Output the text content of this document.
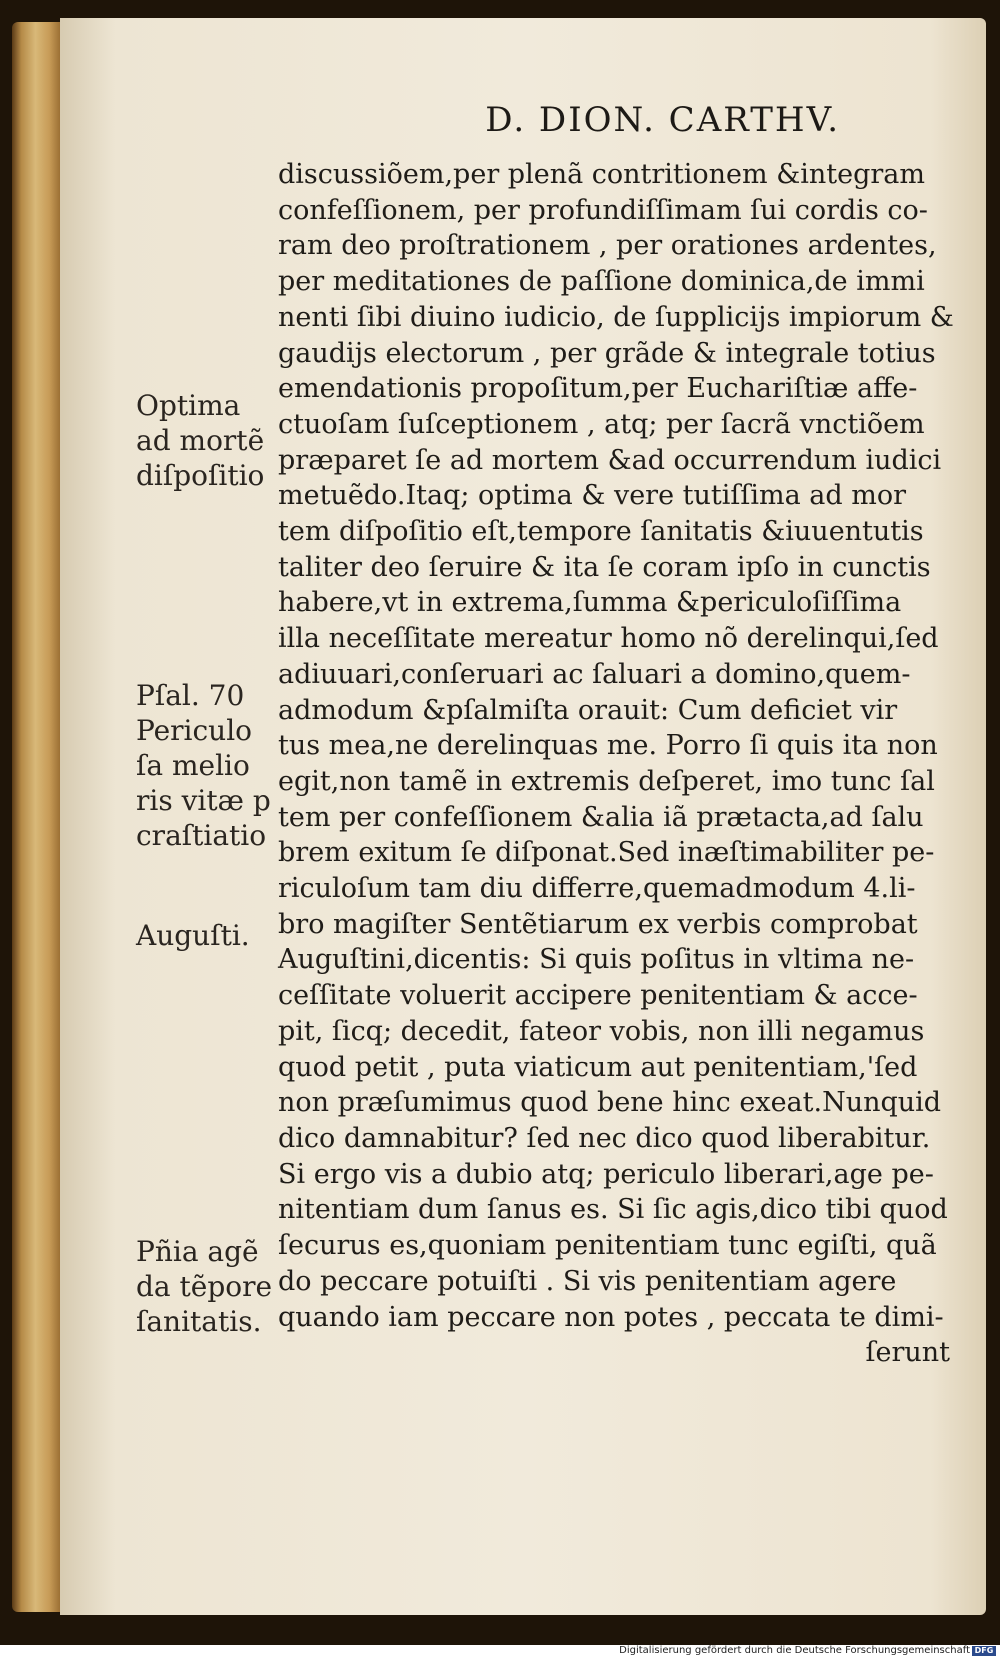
D. DION. CARTHV.
discussiõem,per plenã contritionem &integram
confeſſionem, per profundiſſimam ſui cordis co-
ram deo proſtrationem , per orationes ardentes,
per meditationes de paſſione dominica,de immi
nenti ſibi diuino iudicio, de ſupplicijs impiorum &
gaudijs electorum , per grãde & integrale totius
emendationis propoſitum,per Euchariſtiæ affe-
ctuoſam ſuſceptionem , atq; per ſacrã vnctiõem
præparet ſe ad mortem &ad occurrendum iudici
metuẽdo.Itaq; optima & vere tutiſſima ad mor
tem diſpoſitio eſt,tempore ſanitatis &iuuentutis
taliter deo ſeruire & ita ſe coram ipſo in cunctis
habere,vt in extrema,ſumma &periculoſiſſima
illa neceſſitate mereatur homo nõ derelinqui,ſed
adiuuari,conſeruari ac ſaluari a domino,quem-
admodum &pſalmiſta orauit: Cum deficiet vir
tus mea,ne derelinquas me. Porro ſi quis ita non
egit,non tamẽ in extremis deſperet, imo tunc ſal
tem per confeſſionem &alia iã prætacta,ad ſalu
brem exitum ſe diſponat.Sed inæſtimabiliter pe-
riculoſum tam diu differre,quemadmodum 4.li-
bro magiſter Sentẽtiarum ex verbis comprobat
Auguſtini,dicentis: Si quis poſitus in vltima ne-
ceſſitate voluerit accipere penitentiam & acce-
pit, ſicq; decedit, fateor vobis, non illi negamus
quod petit , puta viaticum aut penitentiam,'ſed
non præſumimus quod bene hinc exeat.Nunquid
dico damnabitur? ſed nec dico quod liberabitur.
Si ergo vis a dubio atq; periculo liberari,age pe-
nitentiam dum ſanus es. Si ſic agis,dico tibi quod
ſecurus es,quoniam penitentiam tunc egiſti, quã
do peccare potuiſti . Si vis penitentiam agere
quando iam peccare non potes , peccata te dimi-
ſerunt
Optima
ad mortẽ
diſpoſitio
Pſal. 70
Periculo
ſa melio
ris vitæ p
craſtiatio
Auguſti.
Pñia agẽ
da tẽpore
ſanitatis.
Digitalisierung gefördert durch die Deutsche Forschungsgemeinschaft DFG
